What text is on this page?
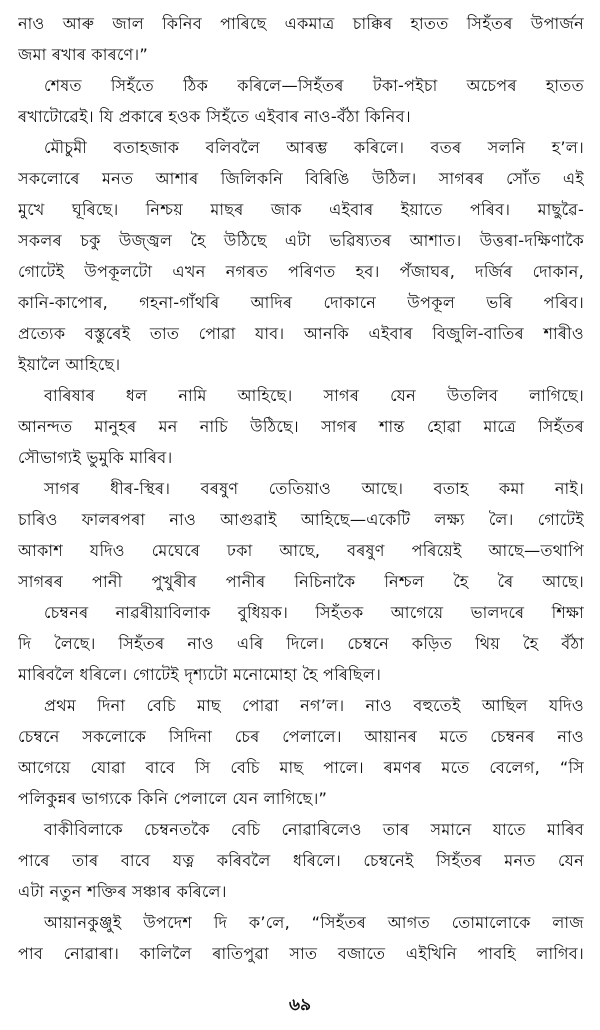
নাও আৰু জাল কিনিব পাৰিছে একমাত্ৰ চাক্কিৰ হাতত সিহঁতৰ উপাৰ্জন
জমা ৰখাৰ কাৰণে।”
শেষত সিহঁতে ঠিক কৰিলে—সিহঁতৰ টকা-পইচা অচেপৰ হাতত
ৰখাটোৱেই। যি প্ৰকাৰে হওক সিহঁতে এইবাৰ নাও-বঁঠা কিনিব।
মৌচুমী বতাহজাক বলিবলৈ আৰম্ভ কৰিলে। বতৰ সলনি হ’ল।
সকলোৰে মনত আশাৰ জিলিকনি বিৰিঙি উঠিল। সাগৰৰ সোঁত এই
মুখে ঘূৰিছে। নিশ্চয় মাছৰ জাক এইবাৰ ইয়াতে পৰিব। মাছুৱৈ-
সকলৰ চকু উজ্জ্বল হৈ উঠিছে এটা ভৱিষ্যতৰ আশাত। উত্তৰা-দক্ষিণাকৈ
গোটেই উপকূলটো এখন নগৰত পৰিণত হব। পঁজাঘৰ, দৰ্জিৰ দোকান,
কানি-কাপোৰ, গহনা-গাঁথৰি আদিৰ দোকানে উপকূল ভৰি পৰিব।
প্ৰত্যেক বস্তুৰেই তাত পোৱা যাব। আনকি এইবাৰ বিজুলি-বাতিৰ শাৰীও
ইয়ালৈ আহিছে।
বাৰিষাৰ ধল নামি আহিছে। সাগৰ যেন উতলিব লাগিছে।
আনন্দত মানুহৰ মন নাচি উঠিছে। সাগৰ শান্ত হোৱা মাত্ৰে সিহঁতৰ
সৌভাগ্যই ভুমুকি মাৰিব।
সাগৰ ধীৰ-স্থিৰ। বৰষুণ তেতিয়াও আছে। বতাহ কমা নাই।
চাৰিও ফালৰপৰা নাও আগুৱাই আহিছে—একেটি লক্ষ্য লৈ। গোটেই
আকাশ যদিও মেঘেৰে ঢকা আছে, বৰষুণ পৰিয়েই আছে—তথাপি
সাগৰৰ পানী পুখুৰীৰ পানীৰ নিচিনাকৈ নিশ্চল হৈ ৰৈ আছে।
চেম্বনৰ নাৱৰীয়াবিলাক বুধিয়ক। সিহঁতক আগেয়ে ভালদৰে শিক্ষা
দি লৈছে। সিহঁতৰ নাও এৰি দিলে। চেম্বনে কড়িত থিয় হৈ বঁঠা
মাৰিবলৈ ধৰিলে। গোটেই দৃশ্যটো মনোমোহা হৈ পৰিছিল।
প্ৰথম দিনা বেচি মাছ পোৱা নগ’ল। নাও বহুতেই আছিল যদিও
চেম্বনে সকলোকে সিদিনা চেৰ পেলালে। আয়ানৰ মতে চেম্বনৰ নাও
আগেয়ে যোৱা বাবে সি বেচি মাছ পালে। ৰমণৰ মতে বেলেগ, “সি
পলিকুন্নৰ ভাগ্যকে কিনি পেলালে যেন লাগিছে।”
বাকীবিলাকে চেম্বনতকৈ বেচি নোৱাৰিলেও তাৰ সমানে যাতে মাৰিব
পাৰে তাৰ বাবে যত্ন কৰিবলৈ ধৰিলে। চেম্বনেই সিহঁতৰ মনত যেন
এটা নতুন শক্তিৰ সঞ্চাৰ কৰিলে।
আয়ানকুঞ্জুই উপদেশ দি ক’লে, “সিহঁতৰ আগত তোমালোকে লাজ
পাব নোৱাৰা। কালিলৈ ৰাতিপুৱা সাত বজাতে এইখিনি পাবহি লাগিব।
৬৯
